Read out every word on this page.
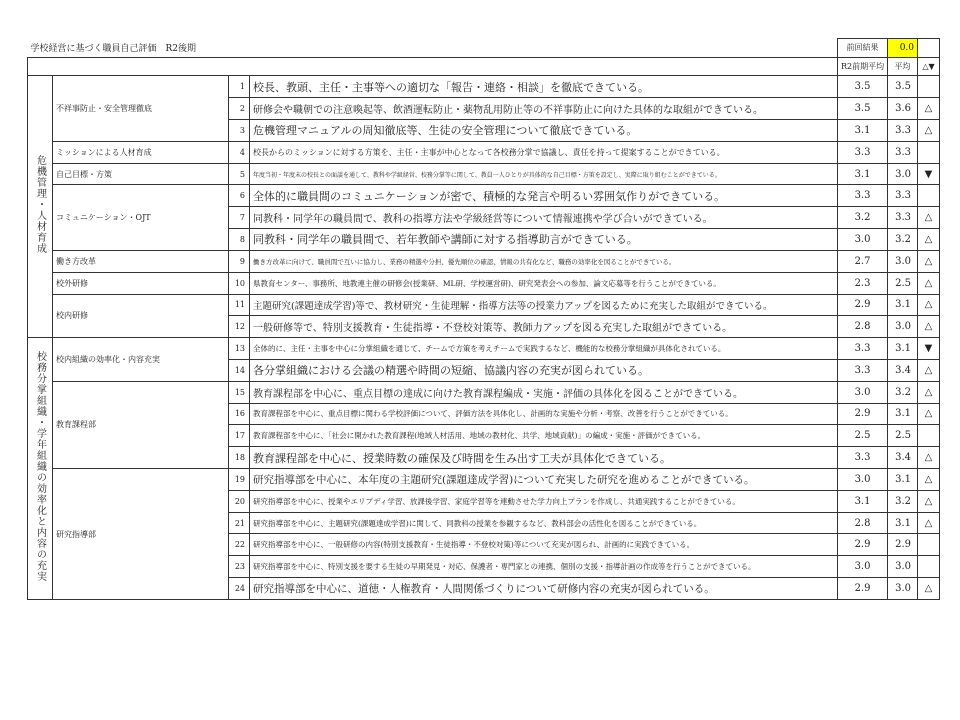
学校経営に基づく職員自己評価　R2後期				前回結果	0.0	
				R2前期平均	平均	△▼
危機管理・人材育成	不祥事防止・安全管理徹底	1	校長、教頭、主任・主事等への適切な「報告・連絡・相談」を徹底できている。	3.5	3.5	
		2	研修会や職朝での注意喚起等、飲酒運転防止・薬物乱用防止等の不祥事防止に向けた具体的な取組ができている。	3.5	3.6	△
		3	危機管理マニュアルの周知徹底等、生徒の安全管理について徹底できている。	3.1	3.3	△
	ミッションによる人材育成	4	校長からのミッションに対する方策を、主任・主事が中心となって各校務分掌で協議し、責任を持って提案することができている。	3.3	3.3	
	自己目標・方策	5	年度当初・年度末の校長との面談を通して、教科や学級経営、校務分掌等に関して、教員一人ひとりが具体的な自己目標・方策を設定し、実際に取り組むことができている。	3.1	3.0	▼
	コミュニケーション・OJT	6	全体的に職員間のコミュニケーションが密で、積極的な発言や明るい雰囲気作りができている。	3.3	3.3	
		7	同教科・同学年の職員間で、教科の指導方法や学級経営等について情報連携や学び合いができている。	3.2	3.3	△
		8	同教科・同学年の職員間で、若年教師や講師に対する指導助言ができている。	3.0	3.2	△
	働き方改革	9	働き方改革に向けて、職員間で互いに協力し、業務の精選や分担、優先順位の確認、情報の共有化など、職務の効率化を図ることができている。	2.7	3.0	△
	校外研修	10	県教育センター、事務所、地教連主催の研修会(授業研、ML研、学校運営研)、研究発表会への参加、論文応募等を行うことができている。	2.3	2.5	△
	校内研修	11	主題研究(課題達成学習)等で、教材研究・生徒理解・指導方法等の授業力アップを図るために充実した取組ができている。	2.9	3.1	△
		12	一般研修等で、特別支援教育・生徒指導・不登校対策等、教師力アップを図る充実した取組ができている。	2.8	3.0	△
校務分掌組織・学年組織の効率化と内容の充実	校内組織の効率化・内容充実	13	全体的に、主任・主事を中心に分掌組織を通じて、チームで方策を考えチームで実践するなど、機能的な校務分掌組織が具体化されている。	3.3	3.1	▼
		14	各分掌組織における会議の精選や時間の短縮、協議内容の充実が図られている。	3.3	3.4	△
	教育課程部	15	教育課程部を中心に、重点目標の達成に向けた教育課程編成・実施・評価の具体化を図ることができている。	3.0	3.2	△
		16	教育課程部を中心に、重点目標に関わる学校評価について、評価方法を具体化し、計画的な実施や分析・考察、改善を行うことができている。	2.9	3.1	△
		17	教育課程部を中心に、「社会に開かれた教育課程(地域人材活用、地域の教材化、共学、地域貢献)」の編成・実施・評価ができている。	2.5	2.5	
		18	教育課程部を中心に、授業時数の確保及び時間を生み出す工夫が具体化できている。	3.3	3.4	△
	研究指導部	19	研究指導部を中心に、本年度の主題研究(課題達成学習)について充実した研究を進めることができている。	3.0	3.1	△
		20	研究指導部を中心に、授業やエリプディ学習、放課後学習、家庭学習等を連動させた学力向上プランを作成し、共通実践することができている。	3.1	3.2	△
		21	研究指導部を中心に、主題研究(課題達成学習)に関して、同教科の授業を参観するなど、教科部会の活性化を図ることができている。	2.8	3.1	△
		22	研究指導部を中心に、一般研修の内容(特別支援教育・生徒指導・不登校対策)等について充実が図られ、計画的に実践できている。	2.9	2.9	
		23	研究指導部を中心に、特別支援を要する生徒の早期発見・対応、保護者・専門家との連携、個別の支援・指導計画の作成等を行うことができている。	3.0	3.0	
		24	研究指導部を中心に、道徳・人権教育・人間関係づくりについて研修内容の充実が図られている。	2.9	3.0	△
